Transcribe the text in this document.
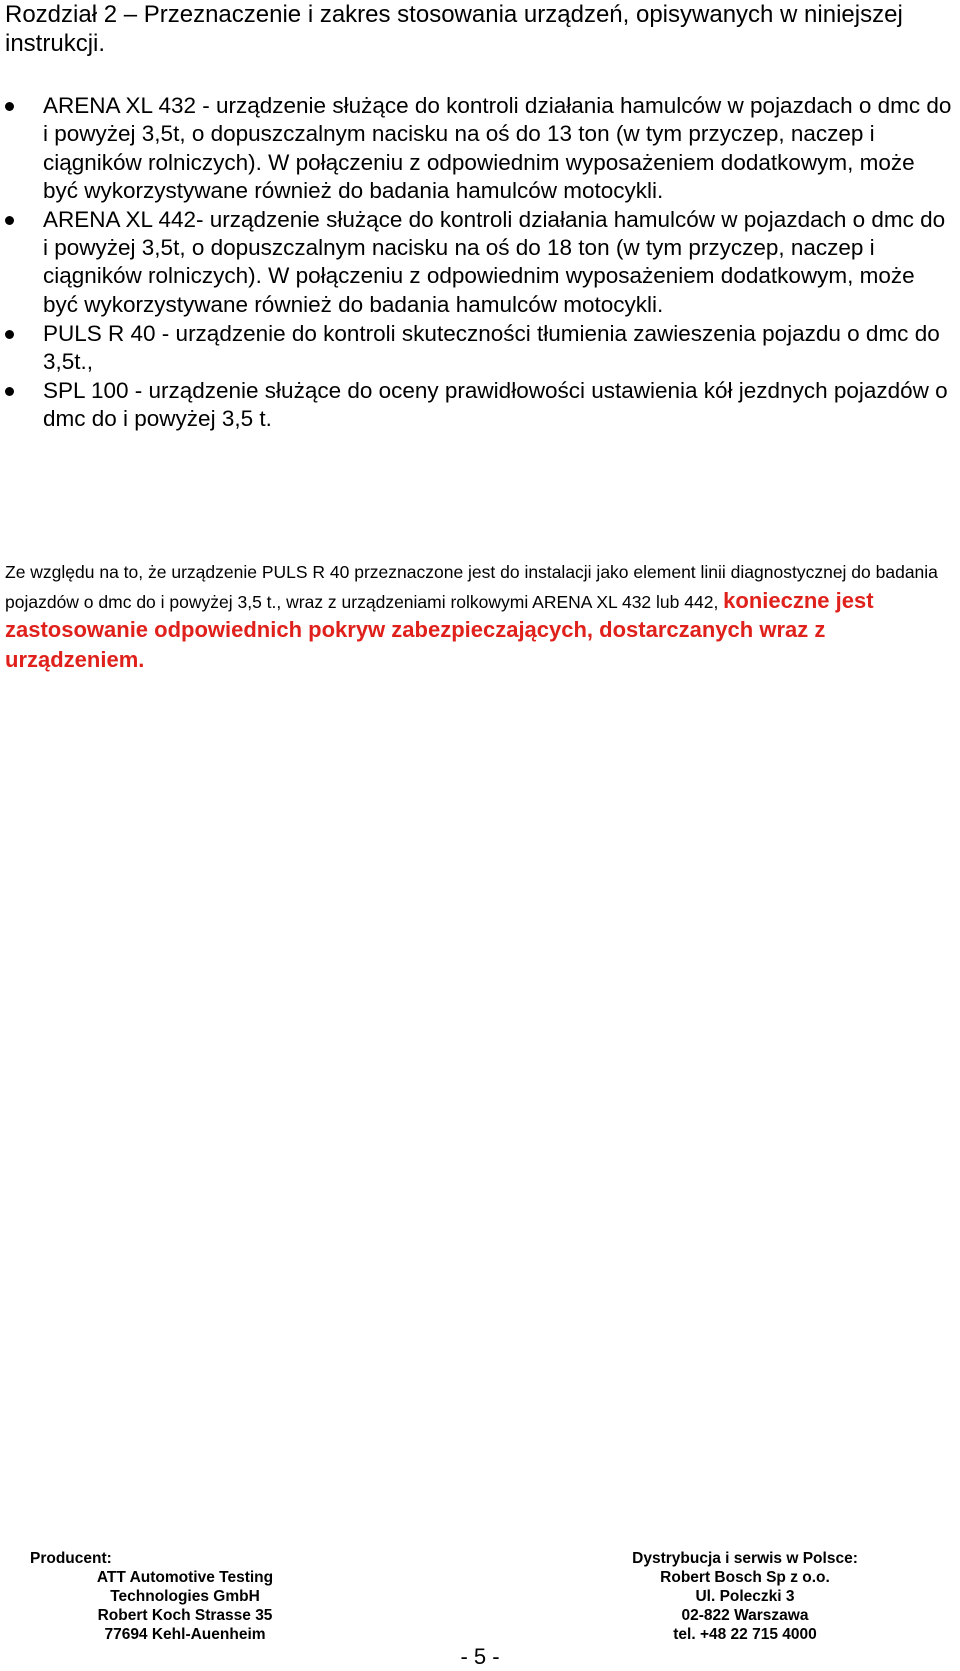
Rozdział 2 – Przeznaczenie i zakres stosowania urządzeń, opisywanych w niniejszej instrukcji.
ARENA XL 432 - urządzenie służące do kontroli działania hamulców w pojazdach o dmc do i powyżej 3,5t, o dopuszczalnym nacisku na oś do 13 ton (w tym przyczep, naczep i ciągników rolniczych). W połączeniu z odpowiednim wyposażeniem dodatkowym, może być wykorzystywane również do badania hamulców motocykli.
ARENA XL 442- urządzenie służące do kontroli działania hamulców w pojazdach o dmc do i powyżej 3,5t, o dopuszczalnym nacisku na oś do 18 ton (w tym przyczep, naczep i ciągników rolniczych). W połączeniu z odpowiednim wyposażeniem dodatkowym, może być wykorzystywane również do badania hamulców motocykli.
PULS R 40 - urządzenie do kontroli skuteczności tłumienia zawieszenia pojazdu o dmc do 3,5t.,
SPL 100 - urządzenie służące do oceny prawidłowości ustawienia kół jezdnych pojazdów o dmc do i powyżej 3,5 t.

Ze względu na to, że urządzenie PULS R 40 przeznaczone jest do instalacji jako element linii diagnostycznej do badania pojazdów o dmc do i powyżej 3,5 t., wraz z urządzeniami rolkowymi ARENA XL 432 lub 442, konieczne jest zastosowanie odpowiednich pokryw zabezpieczających, dostarczanych wraz z urządzeniem.

Producent:
ATT Automotive Testing
Technologies GmbH
Robert Koch Strasse 35
77694 Kehl-Auenheim
Dystrybucja i serwis w Polsce:
Robert Bosch Sp z o.o.
Ul. Poleczki 3
02-822 Warszawa
tel. +48 22 715 4000
- 5 -
